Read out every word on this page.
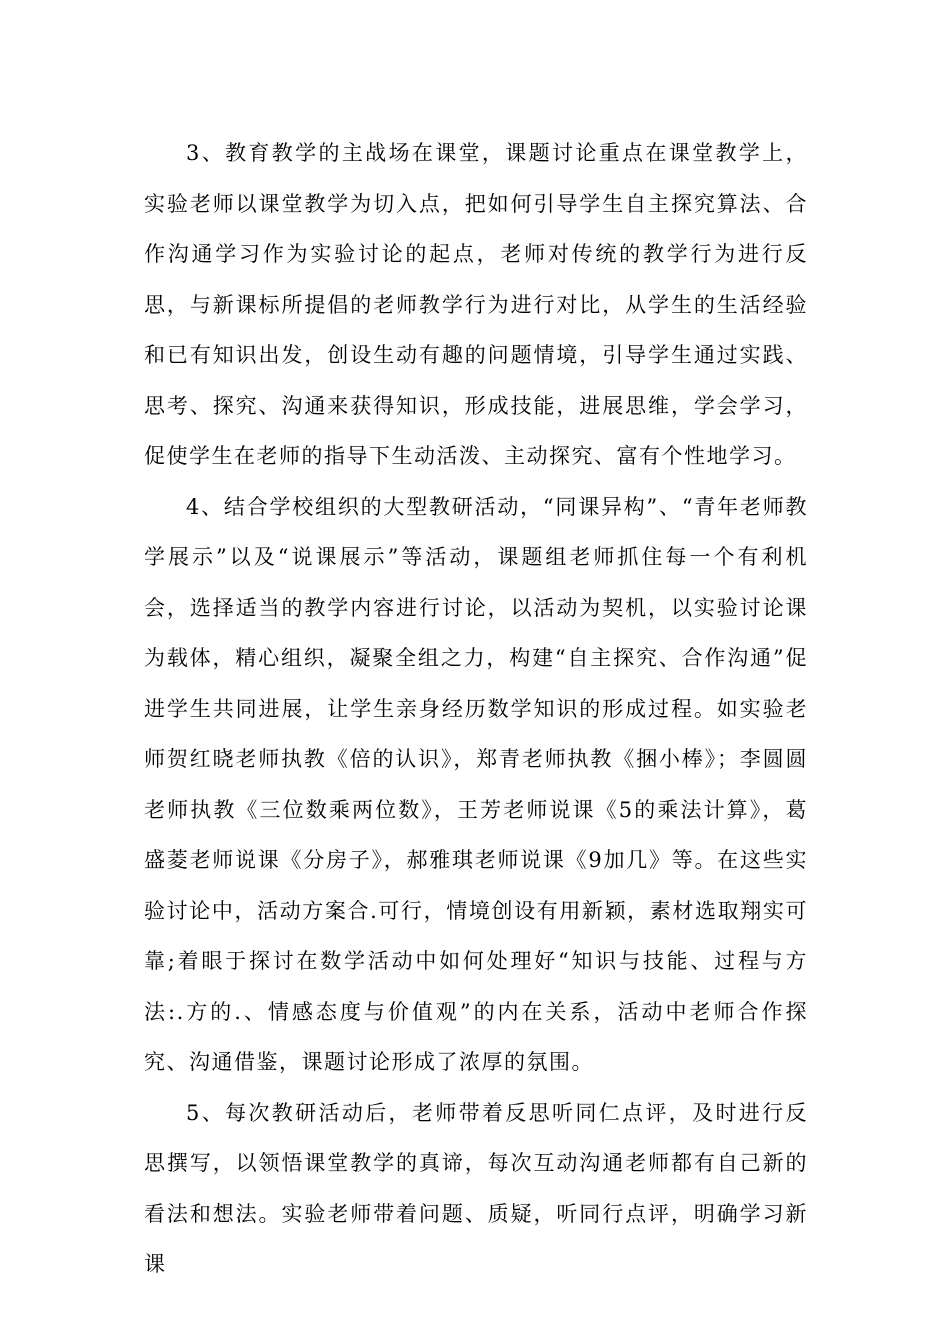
3、教育教学的主战场在课堂，课题讨论重点在课堂教学上，实验老师以课堂教学为切入点，把如何引导学生自主探究算法、合作沟通学习作为实验讨论的起点，老师对传统的教学行为进行反思，与新课标所提倡的老师教学行为进行对比，从学生的生活经验和已有知识出发，创设生动有趣的问题情境，引导学生通过实践、思考、探究、沟通来获得知识，形成技能，进展思维，学会学习，促使学生在老师的指导下生动活泼、主动探究、富有个性地学习。

4、结合学校组织的大型教研活动，“同课异构”、“青年老师教学展示”以及“说课展示”等活动，课题组老师抓住每一个有利机会，选择适当的教学内容进行讨论，以活动为契机，以实验讨论课为载体，精心组织，凝聚全组之力，构建“自主探究、合作沟通”促进学生共同进展，让学生亲身经历数学知识的形成过程。如实验老师贺红晓老师执教《倍的认识》，郑青老师执教《捆小棒》；李圆圆老师执教《三位数乘两位数》，王芳老师说课《5的乘法计算》，葛盛菱老师说课《分房子》，郝雅琪老师说课《9加几》等。在这些实验讨论中，活动方案合.可行，情境创设有用新颖，素材选取翔实可靠;着眼于探讨在数学活动中如何处理好“知识与技能、过程与方法:.方的.、情感态度与价值观”的内在关系，活动中老师合作探究、沟通借鉴，课题讨论形成了浓厚的氛围。

5、每次教研活动后，老师带着反思听同仁点评，及时进行反思撰写，以领悟课堂教学的真谛，每次互动沟通老师都有自己新的看法和想法。实验老师带着问题、质疑，听同行点评，明确学习新课
